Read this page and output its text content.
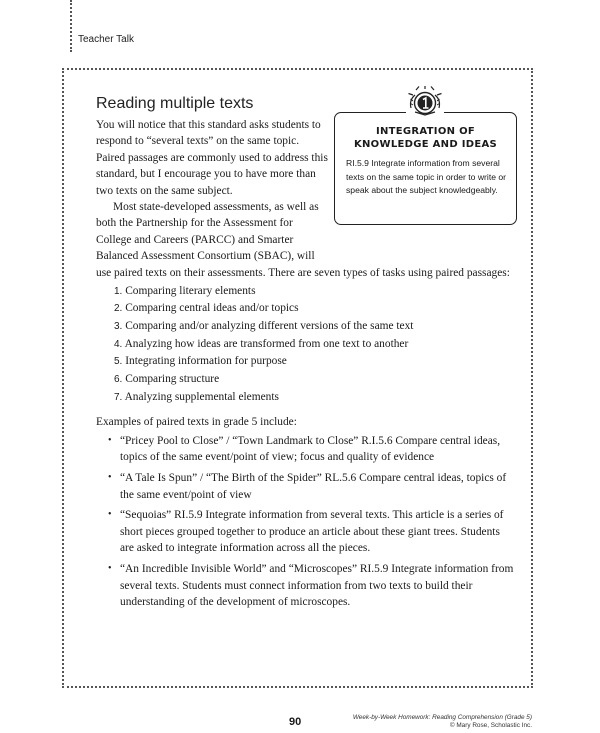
Teacher Talk
Reading multiple texts
INTEGRATION OF
KNOWLEDGE AND IDEAS
RI.5.9 Integrate information from several texts on the same topic in order to write or speak about the subject knowledgeably.

You will notice that this standard asks students to respond to “several texts” on the same topic. Paired passages are commonly used to address this standard, but I encourage you to have more than two texts on the same subject.

Most state-developed assessments, as well as both the Partnership for the Assessment for College and Careers (PARCC) and Smarter Balanced Assessment Consortium (SBAC), will use paired texts on their assessments. There are seven types of tasks using paired passages:

1. Comparing literary elements
2. Comparing central ideas and/or topics
3. Comparing and/or analyzing different versions of the same text
4. Analyzing how ideas are transformed from one text to another
5. Integrating information for purpose
6. Comparing structure
7. Analyzing supplemental elements

Examples of paired texts in grade 5 include:

• “Pricey Pool to Close” / “Town Landmark to Close” R.I.5.6 Compare central ideas, topics of the same event/point of view; focus and quality of evidence
• “A Tale Is Spun” / “The Birth of the Spider” RL.5.6 Compare central ideas, topics of the same event/point of view
• “Sequoias” RI.5.9 Integrate information from several texts. This article is a series of short pieces grouped together to produce an article about these giant trees. Students are asked to integrate information across all the pieces.
• “An Incredible Invisible World” and “Microscopes” RI.5.9 Integrate information from several texts. Students must connect information from two texts to build their understanding of the development of microscopes.
90	Week-by-Week Homework: Reading Comprehension (Grade 5)
© Mary Rose, Scholastic Inc.
